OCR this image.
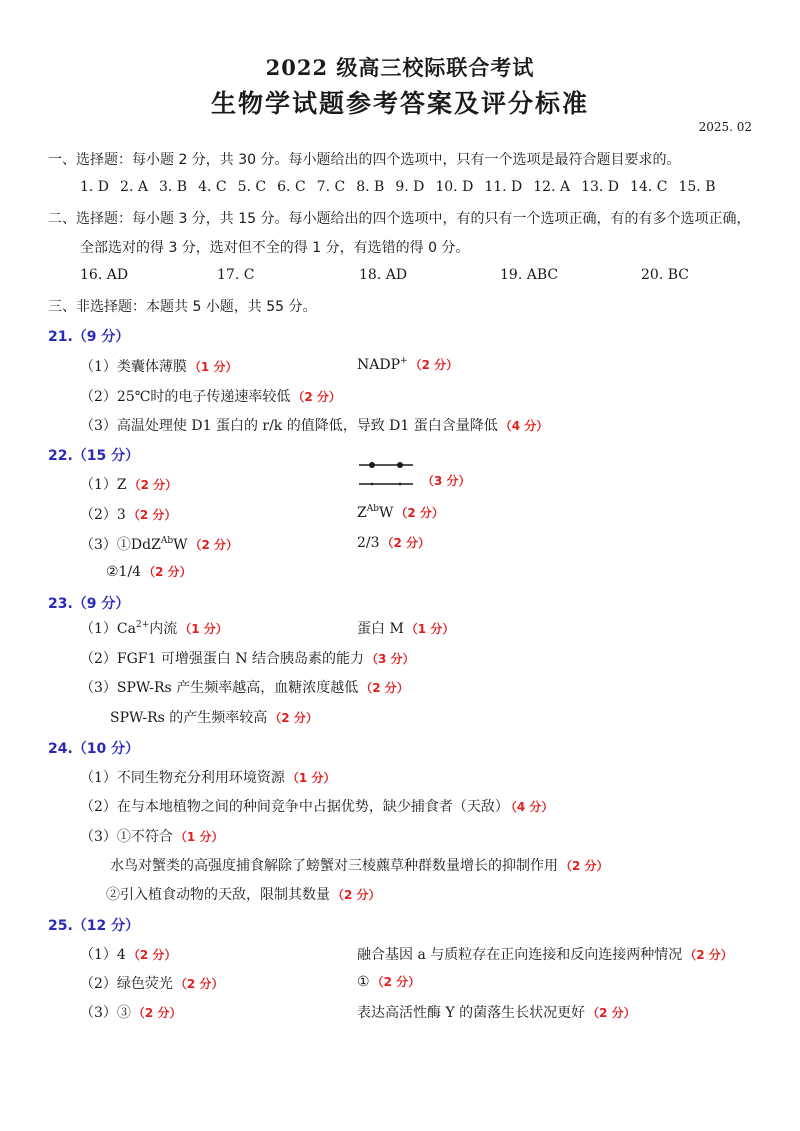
2022 级高三校际联合考试
生物学试题参考答案及评分标准
2025. 02
一、选择题：每小题 2 分，共 30 分。每小题给出的四个选项中，只有一个选项是最符合题目要求的。
1. D 2. A 3. B 4. C 5. C 6. C 7. C 8. B 9. D 10. D 11. D 12. A 13. D 14. C 15. B
二、选择题：每小题 3 分，共 15 分。每小题给出的四个选项中，有的只有一个选项正确，有的有多个选项正确，
全部选对的得 3 分，选对但不全的得 1 分，有选错的得 0 分。
16. AD	17. C	18. AD	19. ABC	20. BC
三、非选择题：本题共 5 小题，共 55 分。
21.（9 分）
（1）类囊体薄膜 （1 分）	NADP+ （2 分）
（2）25℃时的电子传递速率较低 （2 分）
（3）高温处理使 D1 蛋白的 r/k 的值降低，导致 D1 蛋白含量降低 （4 分）
22.（15 分）
（1）Z （2 分）	（3 分）
（2）3 （2 分）	$Z^{Ab}W$ （2 分）
（3）①DdZ$^{Ab}$W （2 分）	2/3 （2 分）
②1/4 （2 分）
23.（9 分）
$(1)Ca^{2+}$内流 （1 分）	蛋白 M （1 分）
（2）FGF1 可增强蛋白 N 结合胰岛素的能力 （3 分）
（3）SPW-Rs 产生频率越高，血糖浓度越低 （2 分）
SPW-Rs 的产生频率较高 （2 分）
24.（10 分）
（1）不同生物充分利用环境资源 （1 分）
（2）在与本地植物之间的种间竞争中占据优势，缺少捕食者（天敌） （4 分）
（3）①不符合 （1 分）
水鸟对蟹类的高强度捕食解除了螃蟹对三棱藨草种群数量增长的抑制作用 （2 分）
②引入植食动物的天敌，限制其数量 （2 分）
25.（12 分）
（1）4 （2 分）	融合基因 a 与质粒存在正向连接和反向连接两种情况 （2 分）
（2）绿色荧光 （2 分）	① （2 分）
（3）③ （2 分）	表达高活性酶 Y 的菌落生长状况更好 （2 分）
